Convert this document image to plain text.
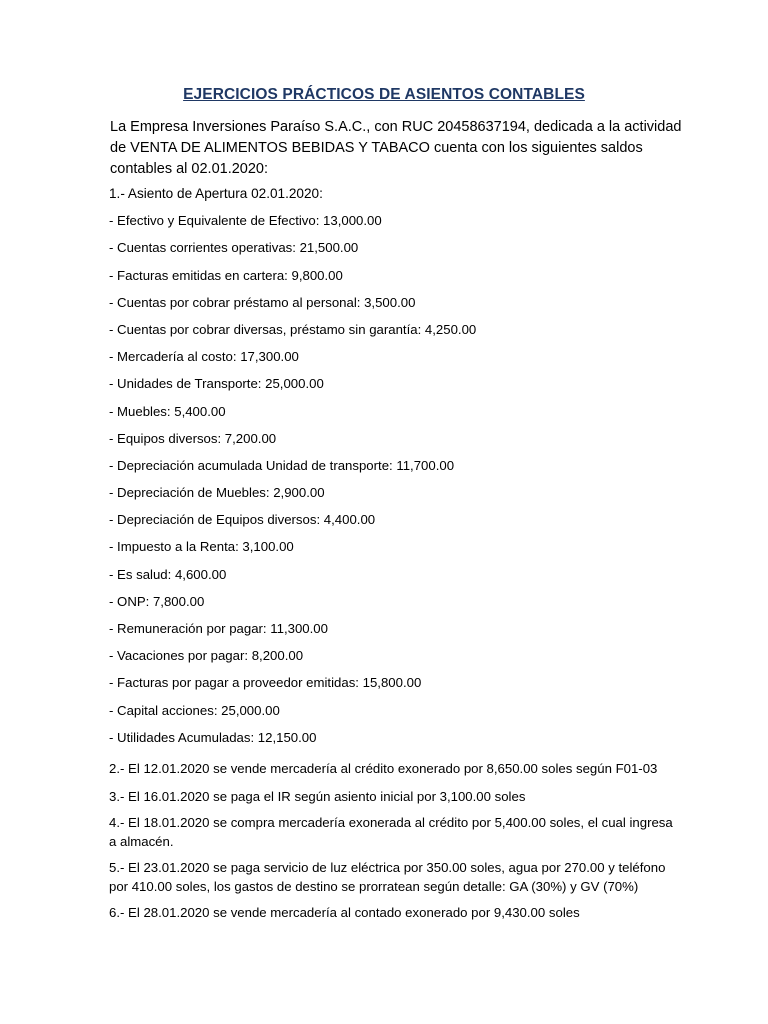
EJERCICIOS PRÁCTICOS DE ASIENTOS CONTABLES
La Empresa Inversiones Paraíso S.A.C., con RUC 20458637194, dedicada a la actividad
de VENTA DE ALIMENTOS BEBIDAS Y TABACO cuenta con los siguientes saldos
contables al 02.01.2020:
1.- Asiento de Apertura 02.01.2020:
- Efectivo y Equivalente de Efectivo: 13,000.00
- Cuentas corrientes operativas: 21,500.00
- Facturas emitidas en cartera: 9,800.00
- Cuentas por cobrar préstamo al personal: 3,500.00
- Cuentas por cobrar diversas, préstamo sin garantía: 4,250.00
- Mercadería al costo: 17,300.00
- Unidades de Transporte: 25,000.00
- Muebles: 5,400.00
- Equipos diversos: 7,200.00
- Depreciación acumulada Unidad de transporte: 11,700.00
- Depreciación de Muebles: 2,900.00
- Depreciación de Equipos diversos: 4,400.00
- Impuesto a la Renta: 3,100.00
- Es salud: 4,600.00
- ONP: 7,800.00
- Remuneración por pagar: 11,300.00
- Vacaciones por pagar: 8,200.00
- Facturas por pagar a proveedor emitidas: 15,800.00
- Capital acciones: 25,000.00
- Utilidades Acumuladas: 12,150.00
2.- El 12.01.2020 se vende mercadería al crédito exonerado por 8,650.00 soles según F01-03
3.- El 16.01.2020 se paga el IR según asiento inicial por 3,100.00 soles
4.- El 18.01.2020 se compra mercadería exonerada al crédito por 5,400.00 soles, el cual ingresa
a almacén.
5.- El 23.01.2020 se paga servicio de luz eléctrica por 350.00 soles, agua por 270.00 y teléfono
por 410.00 soles, los gastos de destino se prorratean según detalle: GA (30%) y GV (70%)
6.- El 28.01.2020 se vende mercadería al contado exonerado por 9,430.00 soles
